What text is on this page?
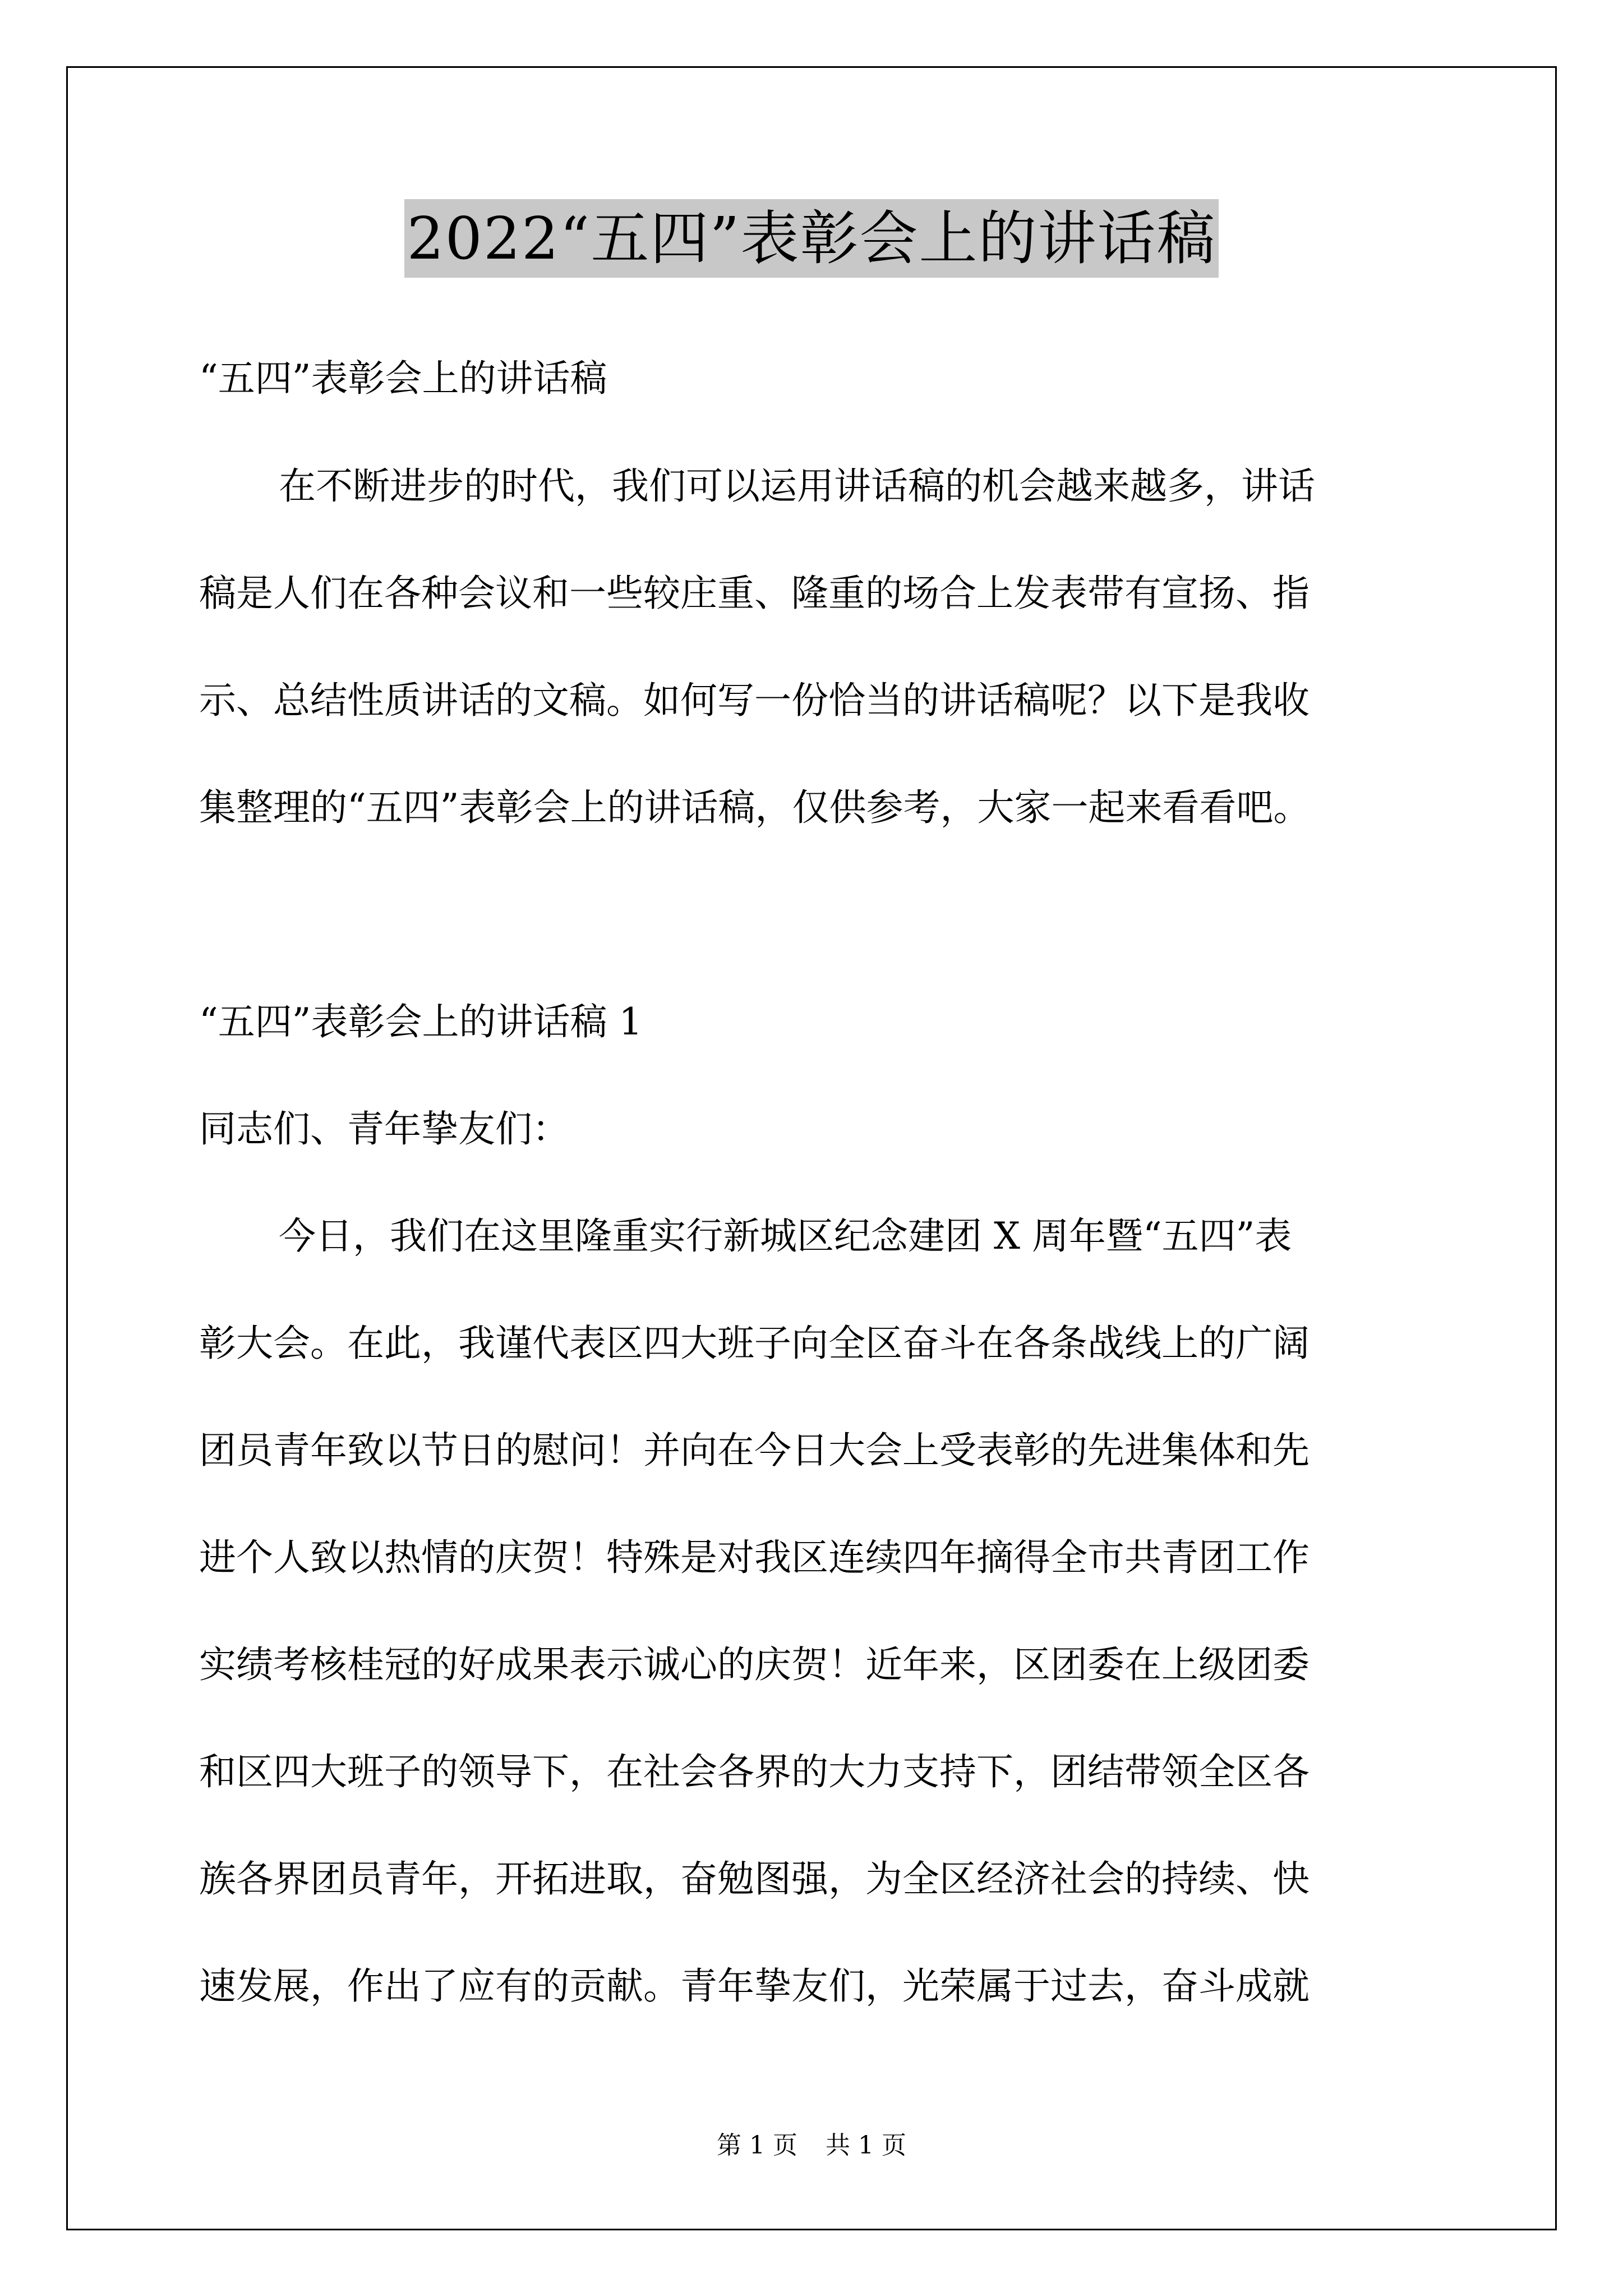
2022“五四”表彰会上的讲话稿
“五四”表彰会上的讲话稿
在不断进步的时代，我们可以运用讲话稿的机会越来越多，讲话
稿是人们在各种会议和一些较庄重、隆重的场合上发表带有宣扬、指
示、总结性质讲话的文稿。如何写一份恰当的讲话稿呢？以下是我收
集整理的“五四”表彰会上的讲话稿，仅供参考，大家一起来看看吧。
“五四”表彰会上的讲话稿 1
同志们、青年挚友们：
今日，我们在这里隆重实行新城区纪念建团 X 周年暨“五四”表
彰大会。在此，我谨代表区四大班子向全区奋斗在各条战线上的广阔
团员青年致以节日的慰问！并向在今日大会上受表彰的先进集体和先
进个人致以热情的庆贺！特殊是对我区连续四年摘得全市共青团工作
实绩考核桂冠的好成果表示诚心的庆贺！近年来，区团委在上级团委
和区四大班子的领导下，在社会各界的大力支持下，团结带领全区各
族各界团员青年，开拓进取，奋勉图强，为全区经济社会的持续、快
速发展，作出了应有的贡献。青年挚友们，光荣属于过去，奋斗成就
第 1 页 共 1 页
